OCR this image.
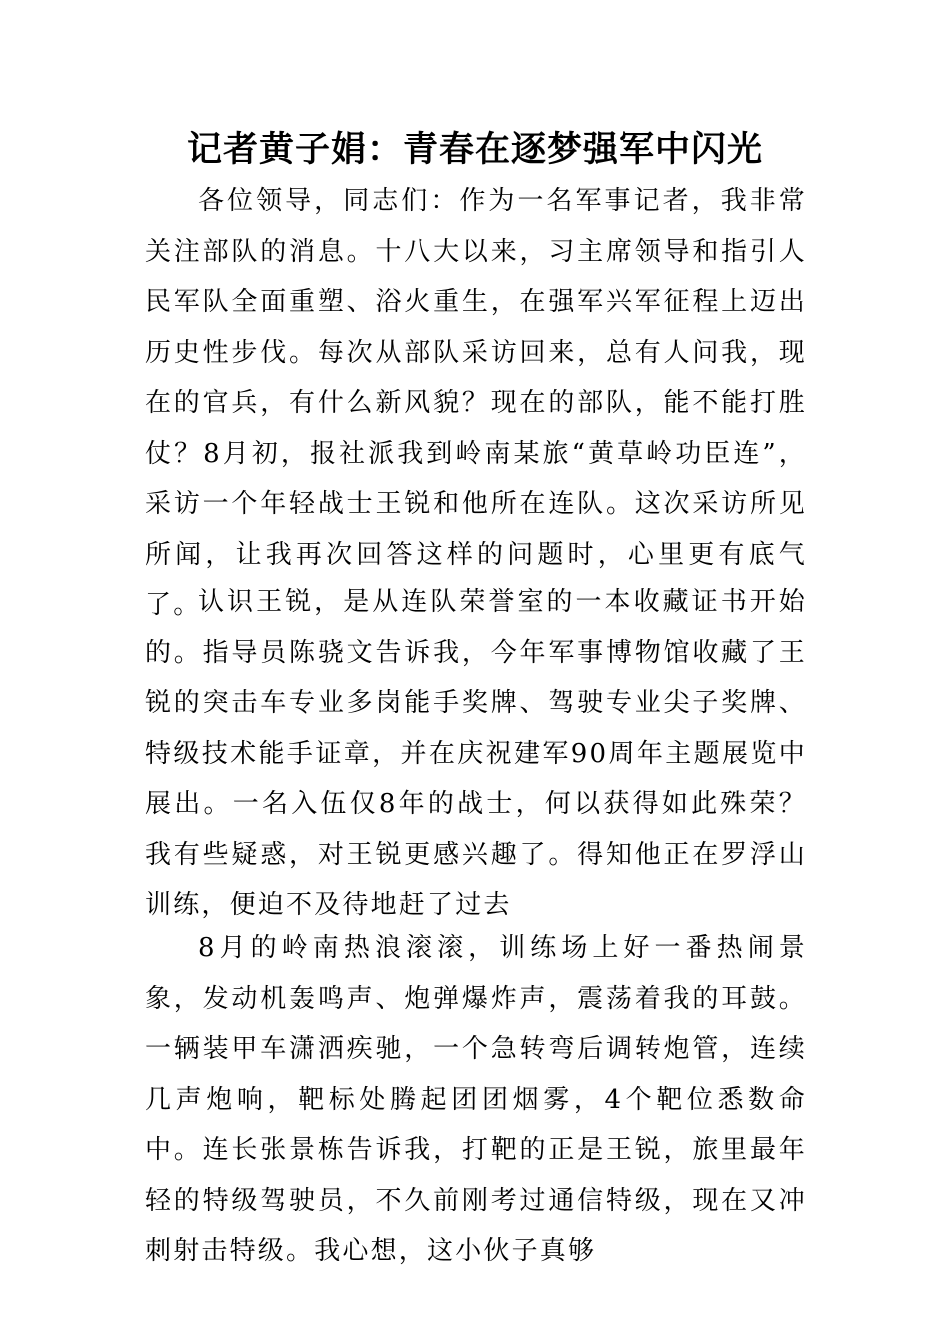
记者黄子娟：青春在逐梦强军中闪光

各位领导，同志们：作为一名军事记者，我非常关注部队的消息。十八大以来，习主席领导和指引人民军队全面重塑、浴火重生，在强军兴军征程上迈出历史性步伐。每次从部队采访回来，总有人问我，现在的官兵，有什么新风貌？现在的部队，能不能打胜仗？8月初，报社派我到岭南某旅“黄草岭功臣连”，采访一个年轻战士王锐和他所在连队。这次采访所见所闻，让我再次回答这样的问题时，心里更有底气了。

认识王锐，是从连队荣誉室的一本收藏证书开始的。指导员陈骁文告诉我，今年军事博物馆收藏了王锐的突击车专业多岗能手奖牌、驾驶专业尖子奖牌、特级技术能手证章，并在庆祝建军90周年主题展览中展出。一名入伍仅8年的战士，何以获得如此殊荣？我有些疑惑，对王锐更感兴趣了。得知他正在罗浮山训练，便迫不及待地赶了过去

8月的岭南热浪滚滚，训练场上好一番热闹景象，发动机轰鸣声、炮弹爆炸声，震荡着我的耳鼓。一辆装甲车潇洒疾驰，一个急转弯后调转炮管，连续几声炮响，靶标处腾起团团烟雾，4个靶位悉数命中。连长张景栋告诉我，打靶的正是王锐，旅里最年轻的特级驾驶员，不久前刚考过通信特级，现在又冲刺射击特级。我心想，这小伙子真够
